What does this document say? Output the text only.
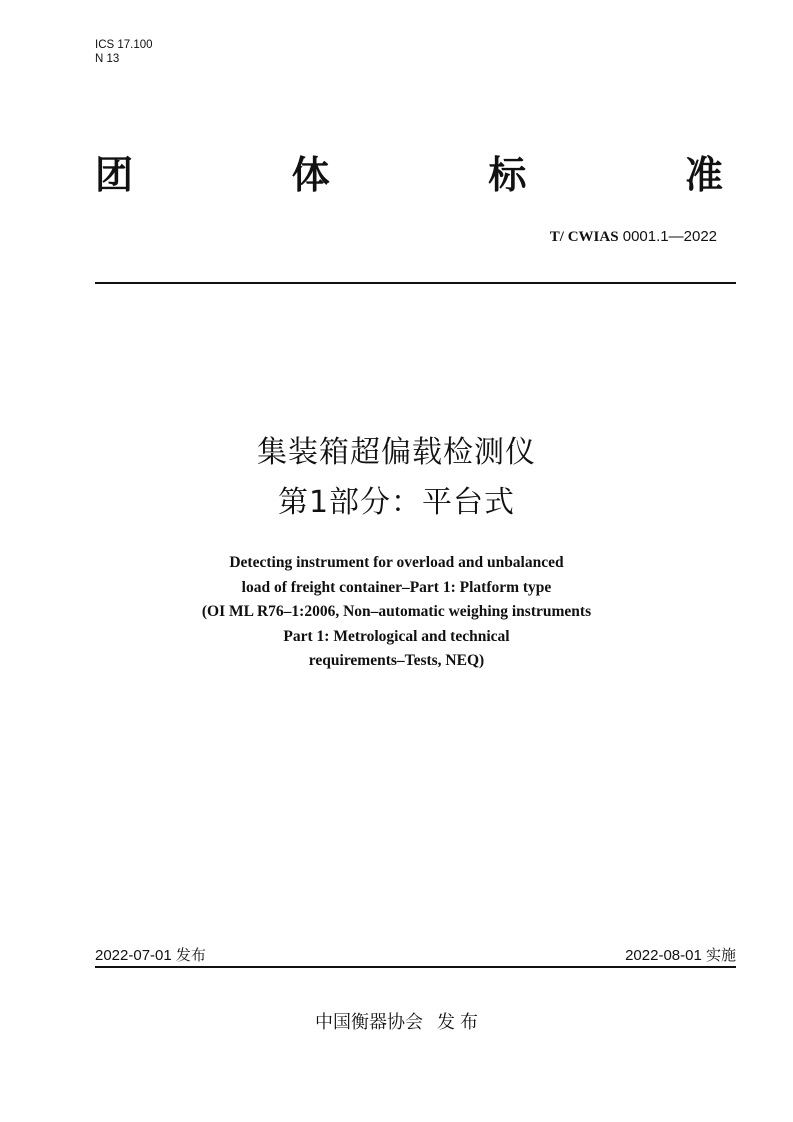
ICS 17.100
N 13
团	体	标	准
T/ CWIAS 0001.1—2022
集装箱超偏载检测仪
第1部分：平台式
Detecting instrument for overload and unbalanced
load of freight container–Part 1: Platform type
(OI ML R76–1:2006, Non–automatic weighing instruments
Part 1: Metrological and technical
requirements–Tests, NEQ)
2022-07-01 发布	2022-08-01 实施
中国衡器协会 发 布
